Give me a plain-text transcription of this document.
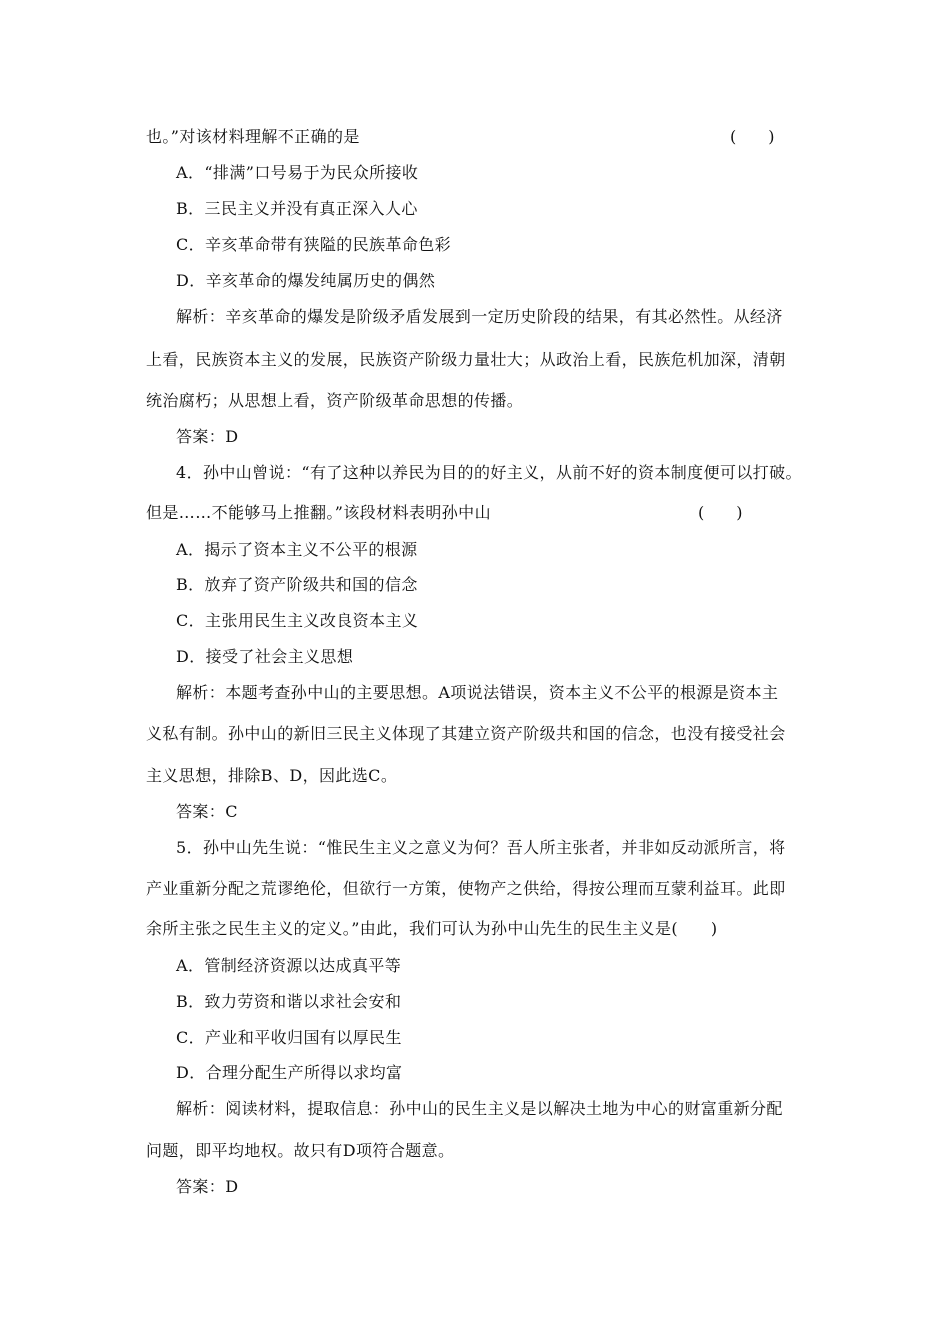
也。”对该材料理解不正确的是	(　　)
A．“排满”口号易于为民众所接收
B．三民主义并没有真正深入人心
C．辛亥革命带有狭隘的民族革命色彩
D．辛亥革命的爆发纯属历史的偶然
解析：辛亥革命的爆发是阶级矛盾发展到一定历史阶段的结果，有其必然性。从经济
上看，民族资本主义的发展，民族资产阶级力量壮大；从政治上看，民族危机加深，清朝
统治腐朽；从思想上看，资产阶级革命思想的传播。
答案：D
4．孙中山曾说：“有了这种以养民为目的的好主义，从前不好的资本制度便可以打破。
但是……不能够马上推翻。”该段材料表明孙中山	(　　)
A．揭示了资本主义不公平的根源
B．放弃了资产阶级共和国的信念
C．主张用民生主义改良资本主义
D．接受了社会主义思想
解析：本题考查孙中山的主要思想。A项说法错误，资本主义不公平的根源是资本主
义私有制。孙中山的新旧三民主义体现了其建立资产阶级共和国的信念，也没有接受社会
主义思想，排除B、D，因此选C。
答案：C
5．孙中山先生说：“惟民生主义之意义为何？吾人所主张者，并非如反动派所言，将
产业重新分配之荒谬绝伦，但欲行一方策，使物产之供给，得按公理而互蒙利益耳。此即
余所主张之民生主义的定义。”由此，我们可认为孙中山先生的民生主义是(　　)
A．管制经济资源以达成真平等
B．致力劳资和谐以求社会安和
C．产业和平收归国有以厚民生
D．合理分配生产所得以求均富
解析：阅读材料，提取信息：孙中山的民生主义是以解决土地为中心的财富重新分配
问题，即平均地权。故只有D项符合题意。
答案：D
